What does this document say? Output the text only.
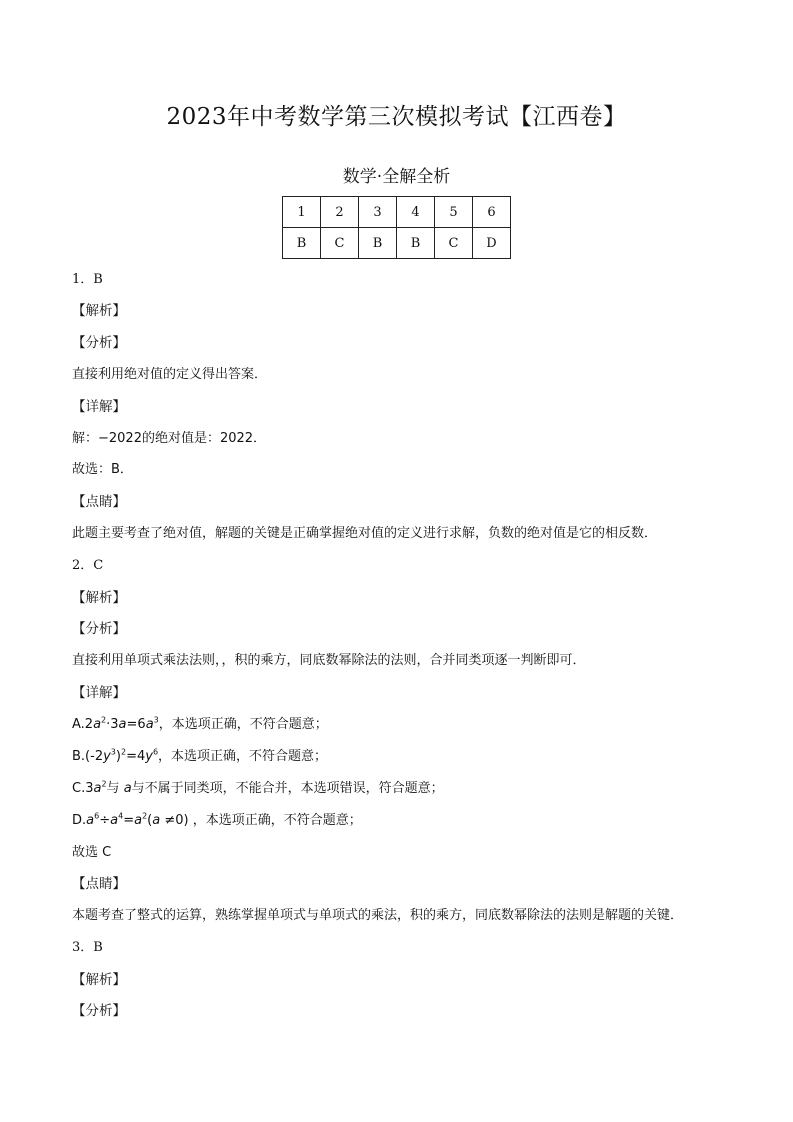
2023年中考数学第三次模拟考试【江西卷】
数学·全解全析
1	2	3	4	5	6
B	C	B	B	C	D
1．B
【解析】
【分析】
直接利用绝对值的定义得出答案．
【详解】
解：−2022的绝对值是：2022．
故选：B．
【点睛】
此题主要考查了绝对值，解题的关键是正确掌握绝对值的定义进行求解，负数的绝对值是它的相反数．
2．C
【解析】
【分析】
直接利用单项式乘法法则，，积的乘方，同底数幂除法的法则，合并同类项逐一判断即可．
【详解】
$A.2a^2\cdot 3a=6a^3$，本选项正确，不符合题意；
$B.(-2y^3)^2=4y^6$，本选项正确，不符合题意；
$C.3a^2$与 a与不属于同类项，不能合并，本选项错误，符合题意；
$D.a^6\div a^4=a^2(a \ne 0)$ ，本选项正确，不符合题意；
故选 C
【点睛】
本题考查了整式的运算，熟练掌握单项式与单项式的乘法，积的乘方，同底数幂除法的法则是解题的关键．
3．B
【解析】
【分析】
